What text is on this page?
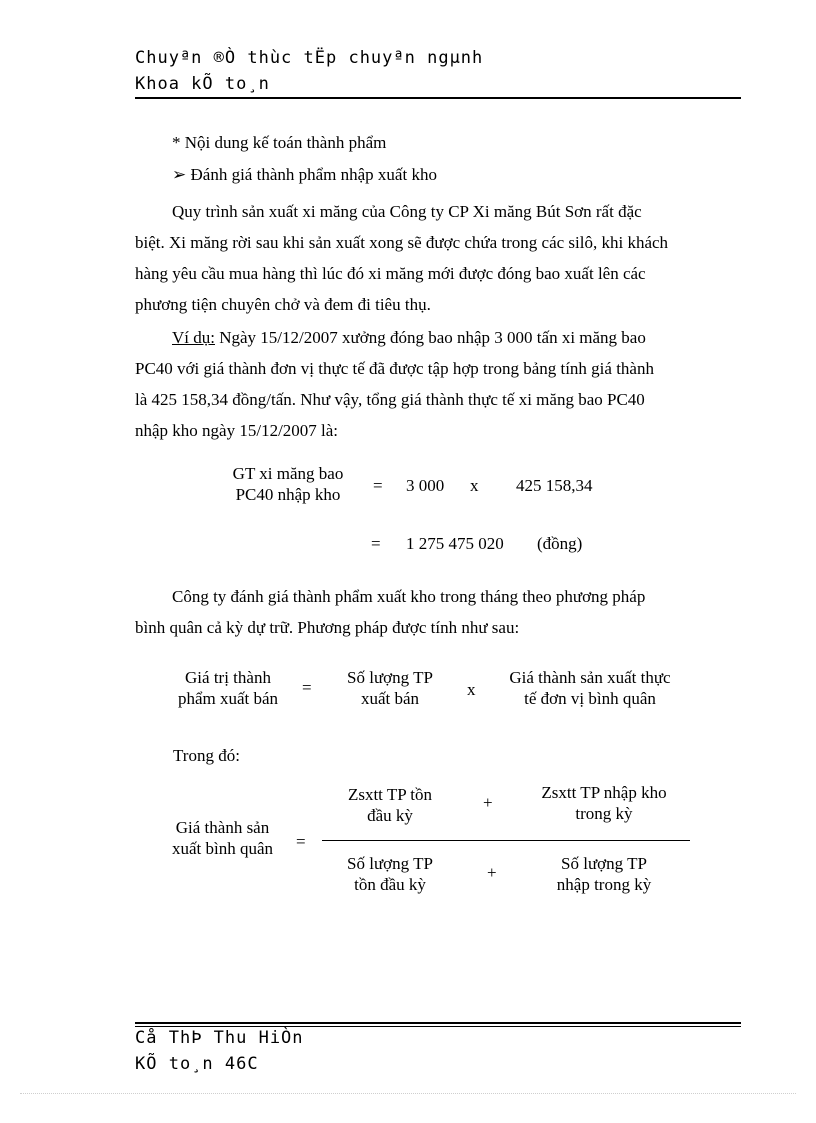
Chuyªn ®Ò thùc tËp chuyªn ngµnh
Khoa kÕ to¸n
* Nội dung kế toán thành phẩm
➢ Đánh giá thành phẩm nhập xuất kho
Quy trình sản xuất xi măng của Công ty CP Xi măng Bút Sơn rất đặc
biệt. Xi măng rời sau khi sản xuất xong sẽ được chứa trong các silô, khi khách
hàng yêu cầu mua hàng thì lúc đó xi măng mới được đóng bao xuất lên các
phương tiện chuyên chở và đem đi tiêu thụ.
Ví dụ: Ngày 15/12/2007 xưởng đóng bao nhập 3 000 tấn xi măng bao
PC40 với giá thành đơn vị thực tế đã được tập hợp trong bảng tính giá thành
là 425 158,34 đồng/tấn. Như vậy, tổng giá thành thực tế xi măng bao PC40
nhập kho ngày 15/12/2007 là:
GT xi măng bao
PC40 nhập kho	= 3 000 x 425 158,34
= 1 275 475 020 (đồng)
Công ty đánh giá thành phẩm xuất kho trong tháng theo phương pháp
bình quân cả kỳ dự trữ. Phương pháp được tính như sau:
Giá trị thành
phẩm xuất bán
=
Số lượng TP
xuất bán	x
Giá thành sản xuất thực
tế đơn vị bình quân
Trong đó:
Giá thành sản
xuất bình quân	=
Zsxtt TP tồn
đầu kỳ
+
Zsxtt TP nhập kho
trong kỳ
Số lượng TP
tồn đầu kỳ
+	Số lượng TP
nhập trong kỳ
Cå ThÞ Thu HiÒn
KÕ to¸n 46C
